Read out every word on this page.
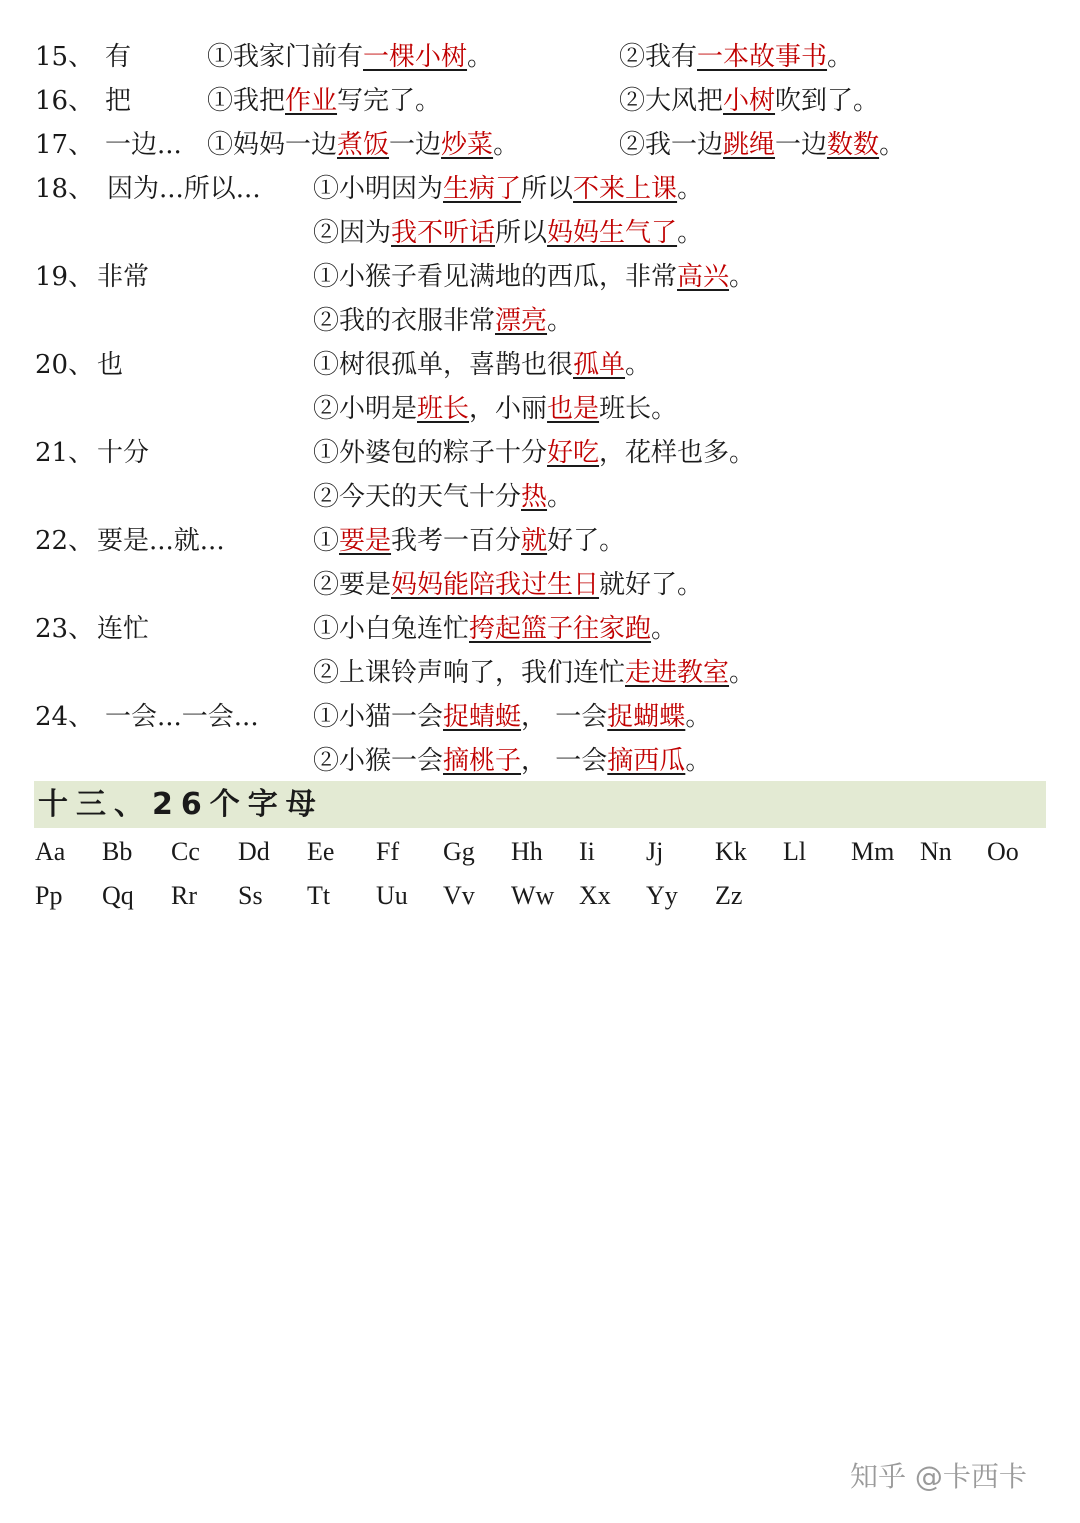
15、 有	①我家门前有一棵小树。	②我有一本故事书。
16、 把	①我把作业写完了。	②大风把小树吹到了。
17、 一边... ①妈妈一边煮饭一边炒菜。	②我一边跳绳一边数数。
18、 因为...所以... ①小明因为生病了所以不来上课。
②因为我不听话所以妈妈生气了。
19、 非常	①小猴子看见满地的西瓜，非常高兴。
②我的衣服非常漂亮。
20、 也	①树很孤单，喜鹊也很孤单。
②小明是班长，小丽也是班长。
21、 十分	①外婆包的粽子十分好吃，花样也多。
②今天的天气十分热。
22、 要是...就...	①要是我考一百分就好了。
②要是妈妈能陪我过生日就好了。
23、 连忙	①小白兔连忙挎起篮子往家跑。
②上课铃声响了，我们连忙走进教室。
24、 一会...一会... ①小猫一会捉蜻蜓， 一会捉蝴蝶。
②小猴一会摘桃子， 一会摘西瓜。
十三、26个字母
Aa Bb Cc Dd Ee Ff Gg Hh Ii Jj Kk Ll Mm Nn Oo
Pp Qq Rr Ss Tt Uu Vv Ww Xx Yy Zz
知乎 @卡西卡
